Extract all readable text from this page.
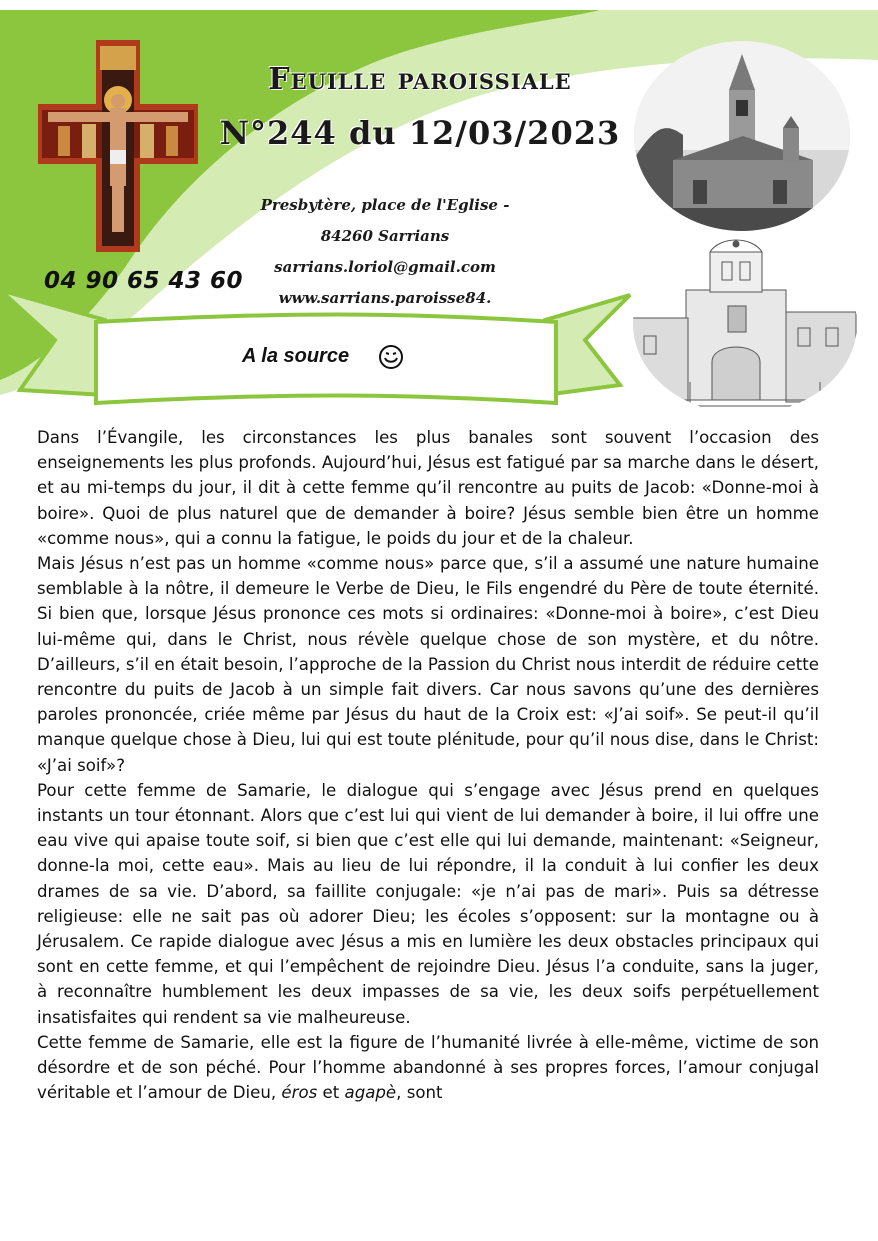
Feuille paroissiale
N°244 du 12/03/2023
Presbytère, place de l'Eglise -
84260 Sarrians
sarrians.loriol@gmail.com
www.sarrians.paroisse84.
04 90 65 43 60
A la source

Dans l’Évangile, les circonstances les plus banales sont souvent l’occasion des enseignements les plus profonds. Aujourd’hui, Jésus est fatigué par sa marche dans le désert, et au mi-temps du jour, il dit à cette femme qu’il rencontre au puits de Jacob: «Donne-moi à boire». Quoi de plus naturel que de demander à boire? Jésus semble bien être un homme «comme nous», qui a connu la fatigue, le poids du jour et de la chaleur.

Mais Jésus n’est pas un homme «comme nous» parce que, s’il a assumé une nature humaine semblable à la nôtre, il demeure le Verbe de Dieu, le Fils engendré du Père de toute éternité. Si bien que, lorsque Jésus prononce ces mots si ordinaires: «Donne-moi à boire», c’est Dieu lui-même qui, dans le Christ, nous révèle quelque chose de son mystère, et du nôtre. D’ailleurs, s’il en était besoin, l’approche de la Passion du Christ nous interdit de réduire cette rencontre du puits de Jacob à un simple fait divers. Car nous savons qu’une des dernières paroles prononcée, criée même par Jésus du haut de la Croix est: «J’ai soif». Se peut-il qu’il manque quelque chose à Dieu, lui qui est toute plénitude, pour qu’il nous dise, dans le Christ: «J’ai soif»?

Pour cette femme de Samarie, le dialogue qui s’engage avec Jésus prend en quelques instants un tour étonnant. Alors que c’est lui qui vient de lui demander à boire, il lui offre une eau vive qui apaise toute soif, si bien que c’est elle qui lui demande, maintenant: «Seigneur, donne-la moi, cette eau». Mais au lieu de lui répondre, il la conduit à lui confier les deux drames de sa vie. D’abord, sa faillite conjugale: «je n’ai pas de mari». Puis sa détresse religieuse: elle ne sait pas où adorer Dieu; les écoles s’opposent: sur la montagne ou à Jérusalem. Ce rapide dialogue avec Jésus a mis en lumière les deux obstacles principaux qui sont en cette femme, et qui l’empêchent de rejoindre Dieu. Jésus l’a conduite, sans la juger, à reconnaître humblement les deux impasses de sa vie, les deux soifs perpétuellement insatisfaites qui rendent sa vie malheureuse.

Cette femme de Samarie, elle est la figure de l’humanité livrée à elle-même, victime de son désordre et de son péché. Pour l’homme abandonné à ses propres forces, l’amour conjugal véritable et l’amour de Dieu, éros et agapè, sont
